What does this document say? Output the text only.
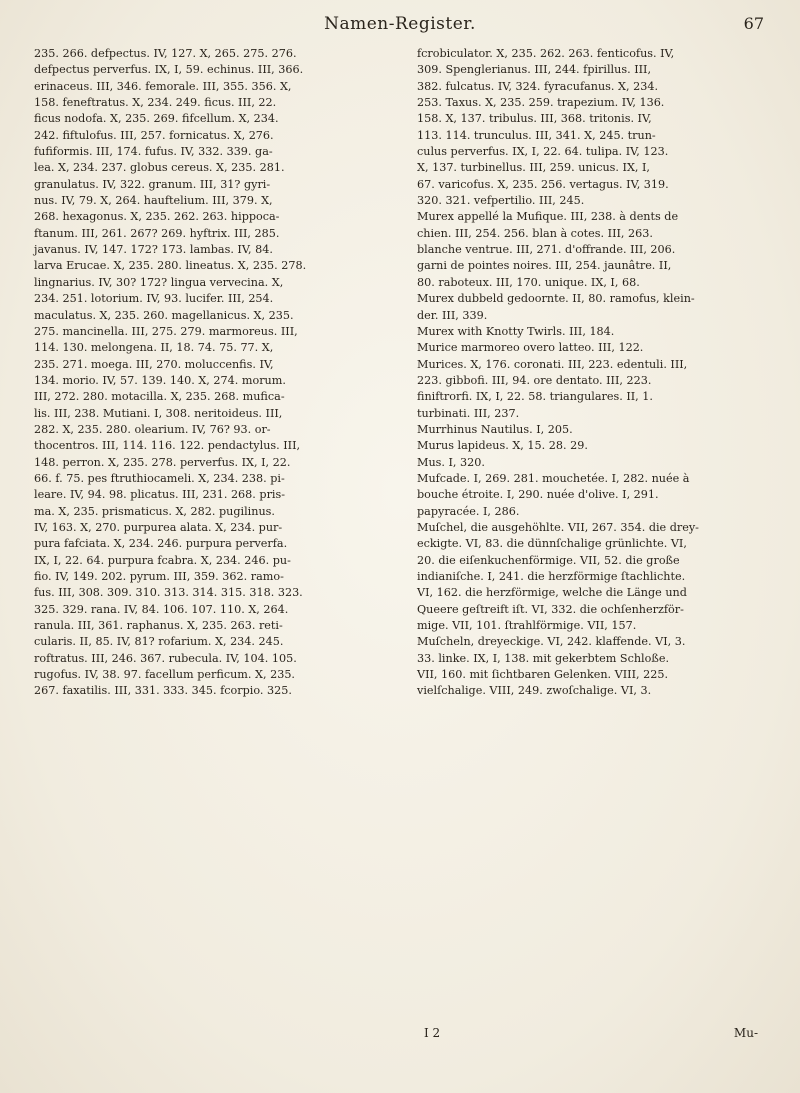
Namen-Register.	67

235. 266. defpectus. IV, 127. X, 265. 275. 276.

defpectus perverfus. IX, I, 59. echinus. III, 366.

erinaceus. III, 346. femorale. III, 355. 356. X,

158. feneftratus. X, 234. 249. ficus. III, 22.

ficus nodofa. X, 235. 269. fifcellum. X, 234.

242. fiftulofus. III, 257. fornicatus. X, 276.

fufiformis. III, 174. fufus. IV, 332. 339. ga-

lea. X, 234. 237. globus cereus. X, 235. 281.

granulatus. IV, 322. granum. III, 31? gyri-

nus. IV, 79. X, 264. hauftelium. III, 379. X,

268. hexagonus. X, 235. 262. 263. hippoca-

ftanum. III, 261. 267? 269. hyftrix. III, 285.

javanus. IV, 147. 172? 173. lambas. IV, 84.

larva Erucae. X, 235. 280. lineatus. X, 235. 278.

lingnarius. IV, 30? 172? lingua vervecina. X,

234. 251. lotorium. IV, 93. lucifer. III, 254.

maculatus. X, 235. 260. magellanicus. X, 235.

275. mancinella. III, 275. 279. marmoreus. III,

114. 130. melongena. II, 18. 74. 75. 77. X,

235. 271. moega. III, 270. moluccenfis. IV,

134. morio. IV, 57. 139. 140. X, 274. morum.

III, 272. 280. motacilla. X, 235. 268. mufica-

lis. III, 238. Mutiani. I, 308. neritoideus. III,

282. X, 235. 280. olearium. IV, 76? 93. or-

thocentros. III, 114. 116. 122. pendactylus. III,

148. perron. X, 235. 278. perverfus. IX, I, 22.

66. f. 75. pes ftruthiocameli. X, 234. 238. pi-

leare. IV, 94. 98. plicatus. III, 231. 268. pris-

ma. X, 235. prismaticus. X, 282. pugilinus.

IV, 163. X, 270. purpurea alata. X, 234. pur-

pura fafciata. X, 234. 246. purpura perverfa.

IX, I, 22. 64. purpura fcabra. X, 234. 246. pu-

fio. IV, 149. 202. pyrum. III, 359. 362. ramo-

fus. III, 308. 309. 310. 313. 314. 315. 318. 323.

325. 329. rana. IV, 84. 106. 107. 110. X, 264.

ranula. III, 361. raphanus. X, 235. 263. reti-

cularis. II, 85. IV, 81? rofarium. X, 234. 245.

roftratus. III, 246. 367. rubecula. IV, 104. 105.

rugofus. IV, 38. 97. facellum perficum. X, 235.

267. faxatilis. III, 331. 333. 345. fcorpio. 325.

fcrobiculator. X, 235. 262. 263. fenticofus. IV,

309. Spenglerianus. III, 244. fpirillus. III,

382. fulcatus. IV, 324. fyracufanus. X, 234.

253. Taxus. X, 235. 259. trapezium. IV, 136.

158. X, 137. tribulus. III, 368. tritonis. IV,

113. 114. trunculus. III, 341. X, 245. trun-

culus perverfus. IX, I, 22. 64. tulipa. IV, 123.

X, 137. turbinellus. III, 259. unicus. IX, I,

67. varicofus. X, 235. 256. vertagus. IV, 319.

320. 321. vefpertilio. III, 245.

Murex appellé la Mufique. III, 238. à dents de

chien. III, 254. 256. blan à cotes. III, 263.

blanche ventrue. III, 271. d'offrande. III, 206.

garni de pointes noires. III, 254. jaunâtre. II,

80. raboteux. III, 170. unique. IX, I, 68.

Murex dubbeld gedoornte. II, 80. ramofus, klein-

der. III, 339.

Murex with Knotty Twirls. III, 184.

Murice marmoreo overo latteo. III, 122.

Murices. X, 176. coronati. III, 223. edentuli. III,

223. gibbofi. III, 94. ore dentato. III, 223.

finiftrorfi. IX, I, 22. 58. triangulares. II, 1.

turbinati. III, 237.

Murrhinus Nautilus. I, 205.

Murus lapideus. X, 15. 28. 29.

Mus. I, 320.

Mufcade. I, 269. 281. mouchetée. I, 282. nuée à

bouche étroite. I, 290. nuée d'olive. I, 291.

papyracée. I, 286.

Muſchel, die ausgehöhlte. VII, 267. 354. die drey-

eckigte. VI, 83. die dünnſchalige grünlichte. VI,

20. die eiſenkuchenförmige. VII, 52. die große

indianiſche. I, 241. die herzförmige ſtachlichte.

VI, 162. die herzförmige, welche die Länge und

Queere geſtreift iſt. VI, 332. die ochſenherzför-

mige. VII, 101. ſtrahlförmige. VII, 157.

Muſcheln, dreyeckige. VI, 242. klaffende. VI, 3.

33. linke. IX, I, 138. mit gekerbtem Schloße.

VII, 160. mit ſichtbaren Gelenken. VIII, 225.

vielſchalige. VIII, 249. zwoſchalige. VI, 3.

I 2	Mu-
